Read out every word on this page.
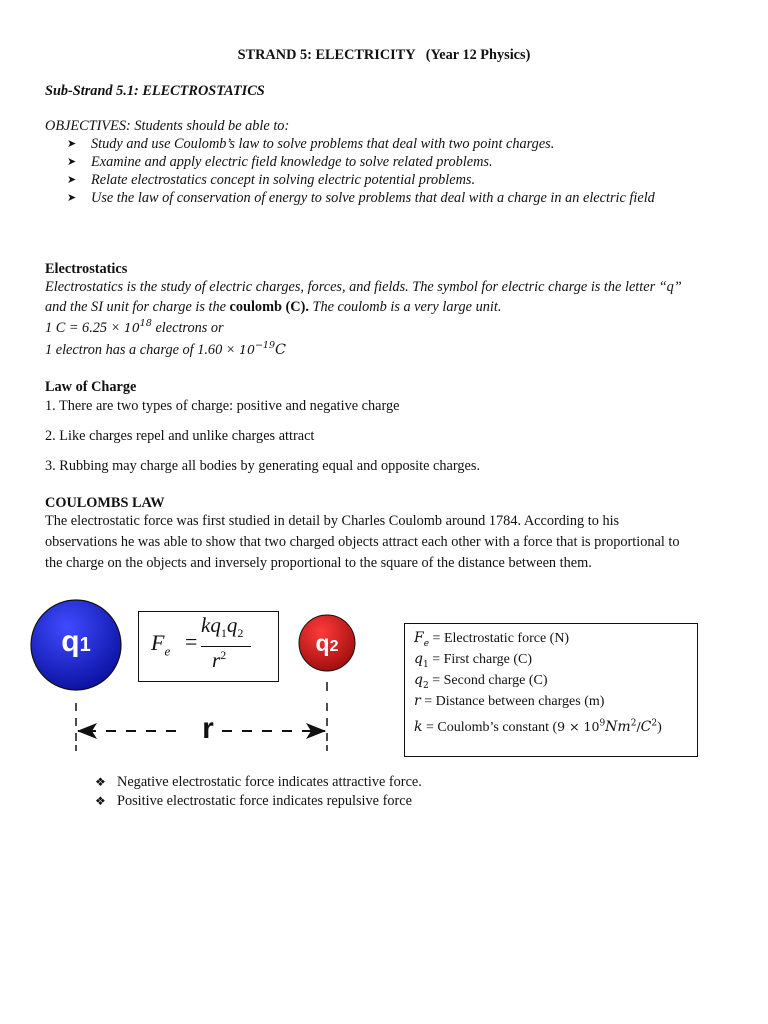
STRAND 5: ELECTRICITY (Year 12 Physics)
Sub-Strand 5.1: ELECTROSTATICS
OBJECTIVES: Students should be able to:
➤ Study and use Coulomb’s law to solve problems that deal with two point charges.
➤ Examine and apply electric field knowledge to solve related problems.
➤ Relate electrostatics concept in solving electric potential problems.
➤ Use the law of conservation of energy to solve problems that deal with a charge in an electric field
Electrostatics
Electrostatics is the study of electric charges, forces, and fields. The symbol for electric charge is the letter “q”
and the SI unit for charge is the coulomb (C). The coulomb is a very large unit.
1 $C = 6.25 \times 10^{18}$ electrons or
1 electron has a charge of $1.60 \times 10^{-19}C$
Law of Charge
1. There are two types of charge: positive and negative charge
2. Like charges repel and unlike charges attract
3. Rubbing may charge all bodies by generating equal and opposite charges.
COULOMBS LAW
The electrostatic force was first studied in detail by Charles Coulomb around 1784. According to his
observations he was able to show that two charged objects attract each other with a force that is proportional to
the charge on the objects and inversely proportional to the square of the distance between them.
q1	q2
r
$F_e$ =
$kq_1q_2$
$r^2$
$F_e$ = Electrostatic force (N)
$q_1$ = First charge (C)
$q_2$ = Second charge (C)
r = Distance between charges (m)
k = Coulomb’s constant $(9 \times 10^9Nm^2/C^2)$
❖ Negative electrostatic force indicates attractive force.
❖ Positive electrostatic force indicates repulsive force
